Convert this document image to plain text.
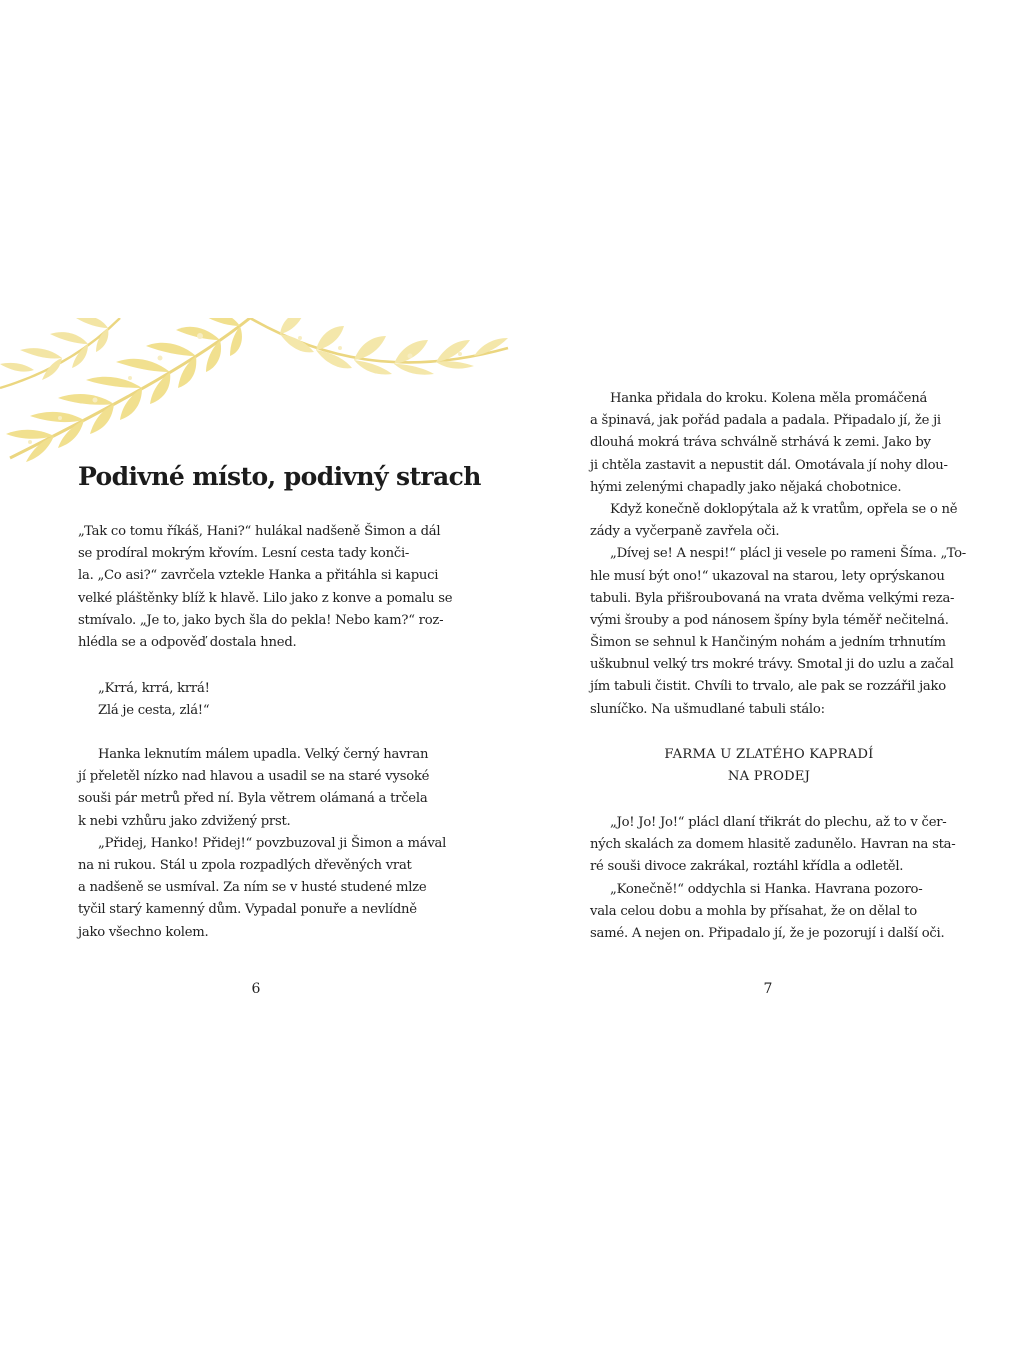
Podivné místo, podivný strach
„Tak co tomu říkáš, Hani?“ hulákal nadšeně Šimon a dál
se prodíral mokrým křovím. Lesní cesta tady konči-
la. „Co asi?“ zavrčela vztekle Hanka a přitáhla si kapuci
velké pláštěnky blíž k hlavě. Lilo jako z konve a pomalu se
stmívalo. „Je to, jako bych šla do pekla! Nebo kam?“ roz-
hlédla se a odpověď dostala hned.
„Krrá, krrá, krrá!
Zlá je cesta, zlá!“
Hanka leknutím málem upadla. Velký černý havran
jí přeletěl nízko nad hlavou a usadil se na staré vysoké
souši pár metrů před ní. Byla větrem olámaná a trčela
k nebi vzhůru jako zdvižený prst.
„Přidej, Hanko! Přidej!“ povzbuzoval ji Šimon a mával
na ni rukou. Stál u zpola rozpadlých dřevěných vrat
a nadšeně se usmíval. Za ním se v husté studené mlze
tyčil starý kamenný dům. Vypadal ponuře a nevlídně
jako všechno kolem.
6
Hanka přidala do kroku. Kolena měla promáčená
a špinavá, jak pořád padala a padala. Připadalo jí, že ji
dlouhá mokrá tráva schválně strhává k zemi. Jako by
ji chtěla zastavit a nepustit dál. Omotávala jí nohy dlou-
hými zelenými chapadly jako nějaká chobotnice.
Když konečně doklopýtala až k vratům, opřela se o ně
zády a vyčerpaně zavřela oči.
„Dívej se! A nespi!“ plácl ji vesele po rameni Šíma. „To-
hle musí být ono!“ ukazoval na starou, lety oprýskanou
tabuli. Byla přišroubovaná na vrata dvěma velkými reza-
vými šrouby a pod nánosem špíny byla téměř nečitelná.
Šimon se sehnul k Hančiným nohám a jedním trhnutím
uškubnul velký trs mokré trávy. Smotal ji do uzlu a začal
jím tabuli čistit. Chvíli to trvalo, ale pak se rozzářil jako
sluníčko. Na ušmudlané tabuli stálo:
FARMA U ZLATÉHO KAPRADÍ
NA PRODEJ
„Jo! Jo! Jo!“ plácl dlaní třikrát do plechu, až to v čer-
ných skalách za domem hlasitě zadunělo. Havran na sta-
ré souši divoce zakrákal, roztáhl křídla a odletěl.
„Konečně!“ oddychla si Hanka. Havrana pozoro-
vala celou dobu a mohla by přísahat, že on dělal to
samé. A nejen on. Připadalo jí, že je pozorují i další oči.
7
